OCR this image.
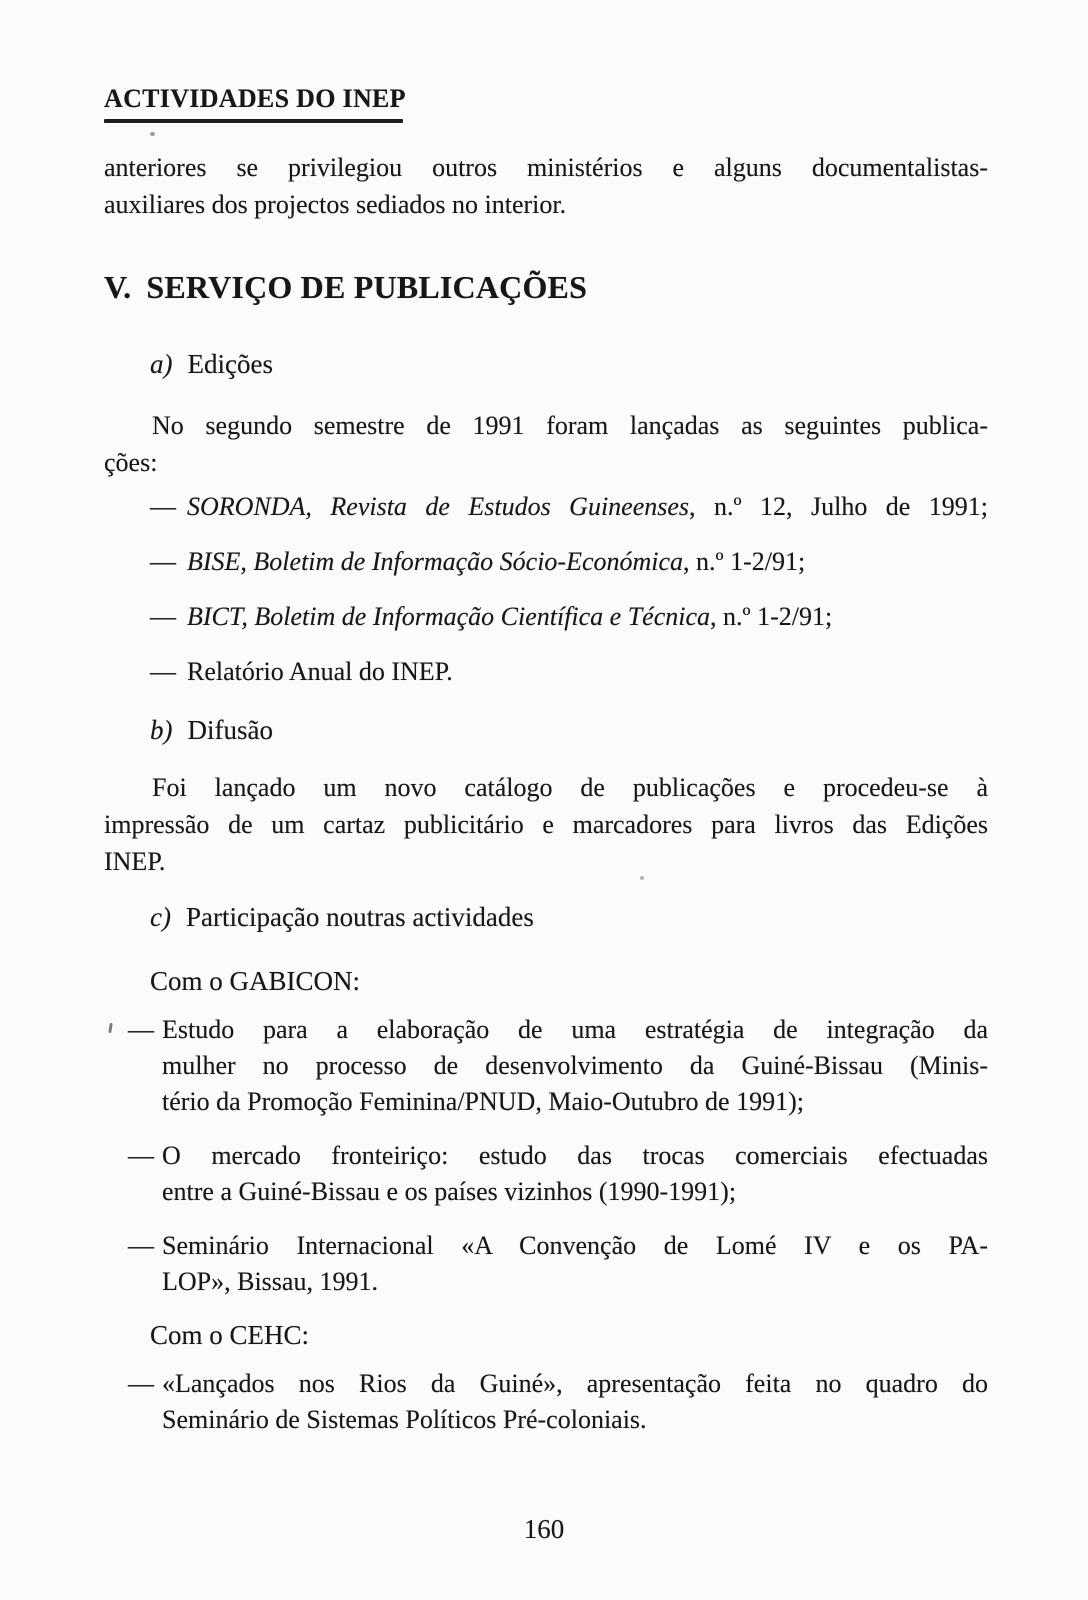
ACTIVIDADES DO INEP
anteriores se privilegiou outros ministérios e alguns documentalistas-
auxiliares dos projectos sediados no interior.
V. SERVIÇO DE PUBLICAÇÕES
a) Edições
No segundo semestre de 1991 foram lançadas as seguintes publica-
ções:
— SORONDA, Revista de Estudos Guineenses, n.º 12, Julho de 1991;
— BISE, Boletim de Informação Sócio-Económica, n.º 1-2/91;
— BICT, Boletim de Informação Científica e Técnica, n.º 1-2/91;
— Relatório Anual do INEP.
b) Difusão
Foi lançado um novo catálogo de publicações e procedeu-se à
impressão de um cartaz publicitário e marcadores para livros das Edições
INEP.
c) Participação noutras actividades
Com o GABICON:
— Estudo para a elaboração de uma estratégia de integração da
mulher no processo de desenvolvimento da Guiné-Bissau (Minis-
tério da Promoção Feminina/PNUD, Maio-Outubro de 1991);
— O mercado fronteiriço: estudo das trocas comerciais efectuadas
entre a Guiné-Bissau e os países vizinhos (1990-1991);
— Seminário Internacional «A Convenção de Lomé IV e os PA-
LOP», Bissau, 1991.
Com o CEHC:
— «Lançados nos Rios da Guiné», apresentação feita no quadro do
Seminário de Sistemas Políticos Pré-coloniais.
160
